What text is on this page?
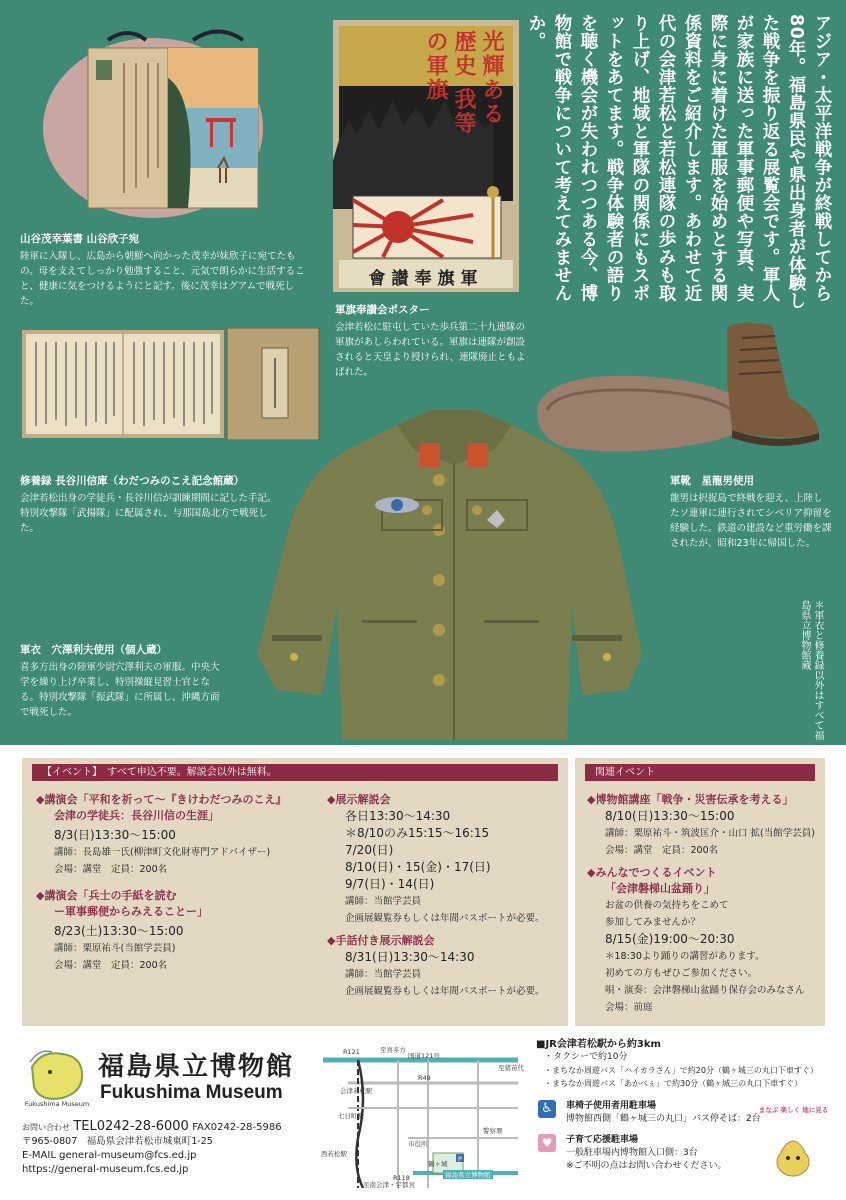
山谷茂幸葉書 山谷欣子宛
陸軍に入隊し、広島から朝鮮へ向かった茂幸が妹欣子に宛てたもの。母を支えてしっかり勉強すること、元気で朗らかに生活すること、健康に気をつけるようにと記す。後に茂幸はグアムで戦死した。
光輝ある歴史 我等の軍旗
會讃奉旗軍
軍旗奉讃会ポスター
会津若松に駐屯していた歩兵第二十九連隊の軍旗があしらわれている。軍旗は連隊が創設されると天皇より授けられ、連隊廃止ともよばれた。
アジア・太平洋戦争が終戦してから80年。福島県民や県出身者が体験した戦争を振り返る展覧会です。軍人が家族に送った軍事郵便や写真、実際に身に着けた軍服を始めとする関係資料をご紹介します。あわせて近代の会津若松と若松連隊の歩みも取り上げ、地域と軍隊の関係にもスポットをあてます。戦争体験者の語りを聴く機会が失われつつある今、博物館で戦争について考えてみませんか。
修養録 長谷川信庫（わだつみのこえ記念館蔵）
会津若松出身の学徒兵・長谷川信が訓練期間に記した手記。特別攻撃隊「武揚隊」に配属され、与那国島北方で戦死した。
軍靴　星龍男使用
龍男は択捉島で終戦を迎え、上陸したソ連軍に連行されてシベリア抑留を経験した。鉄道の建設など重労働を課されたが、昭和23年に帰国した。
軍衣　穴澤利夫使用（個人蔵）
喜多方出身の陸軍少尉穴澤利夫の軍服。中央大学を繰り上げ卒業し、特別操縦見習士官となる。特別攻撃隊「振武隊」に所属し、沖縄方面で戦死した。	＊軍衣と修養録以外はすべて福島県立博物館蔵
【イベント】　すべて申込不要。解説会以外は無料。
◆講演会「平和を祈って〜『きけわだつみのこえ』
会津の学徒兵：長谷川信の生涯」
8/3(日)13:30〜15:00
講師：長島雄一氏(柳津町文化財専門アドバイザー)
会場：講堂　定員：200名
◆講演会「兵士の手紙を読む
ー軍事郵便からみえることー」
8/23(土)13:30〜15:00
講師：栗原祐斗(当館学芸員)
会場：講堂　定員：200名
◆展示解説会
各日13:30〜14:30
＊8/10のみ15:15〜16:15
7/20(日)
8/10(日)・15(金)・17(日)
9/7(日)・14(日)
講師：当館学芸員
企画展観覧券もしくは年間パスポートが必要。
◆手話付き展示解説会
8/31(日)13:30〜14:30
講師：当館学芸員
企画展観覧券もしくは年間パスポートが必要。
関連イベント
◆博物館講座「戦争・災害伝承を考える」
8/10(日)13:30〜15:00
講師：栗原祐斗・筑波匡介・山口 拡(当館学芸員)
会場：講堂　定員：200名
◆みんなでつくるイベント
「会津磐梯山盆踊り」
お盆の供養の気持ちをこめて
参加してみませんか？
8/15(金)19:00〜20:30
＊18:30より踊りの講習があります。
初めての方もぜひご参加ください。
唄・演奏：会津磐梯山盆踊り保存会のみなさん
会場：前庭
Fukushima Museum
福島県立博物館
Fukushima Museum
お問い合わせ TEL0242-28-6000 FAX0242-28-5986
〒965-0807　福島県会津若松市城東町1-25
E-MAIL general-museum@fcs.ed.jp
https://general-museum.fcs.ed.jp
R121	至喜多方
国道121号
至猪苗代
R49
会津若松駅
七日町駅
市役所
警察署
鶴ヶ城
P
福島県立博物館
西若松駅
R118
至南会津・宇都宮
■JR会津若松駅から約3km
・タクシーで約10分
・まちなか周遊バス「ハイカラさん」で約20分（鶴ヶ城三の丸口下車すぐ）
・まちなか周遊バス「あかべぇ」で約30分（鶴ヶ城三の丸口下車すぐ）
♿ 車椅子使用者用駐車場
博物館西側「鶴ヶ城三の丸口」バス停そば：2台
♥ 子育て応援駐車場
一般駐車場内博物館入口側：3台
※ご不明の点はお問い合わせください。
まなぶ 楽しく 地に見る
